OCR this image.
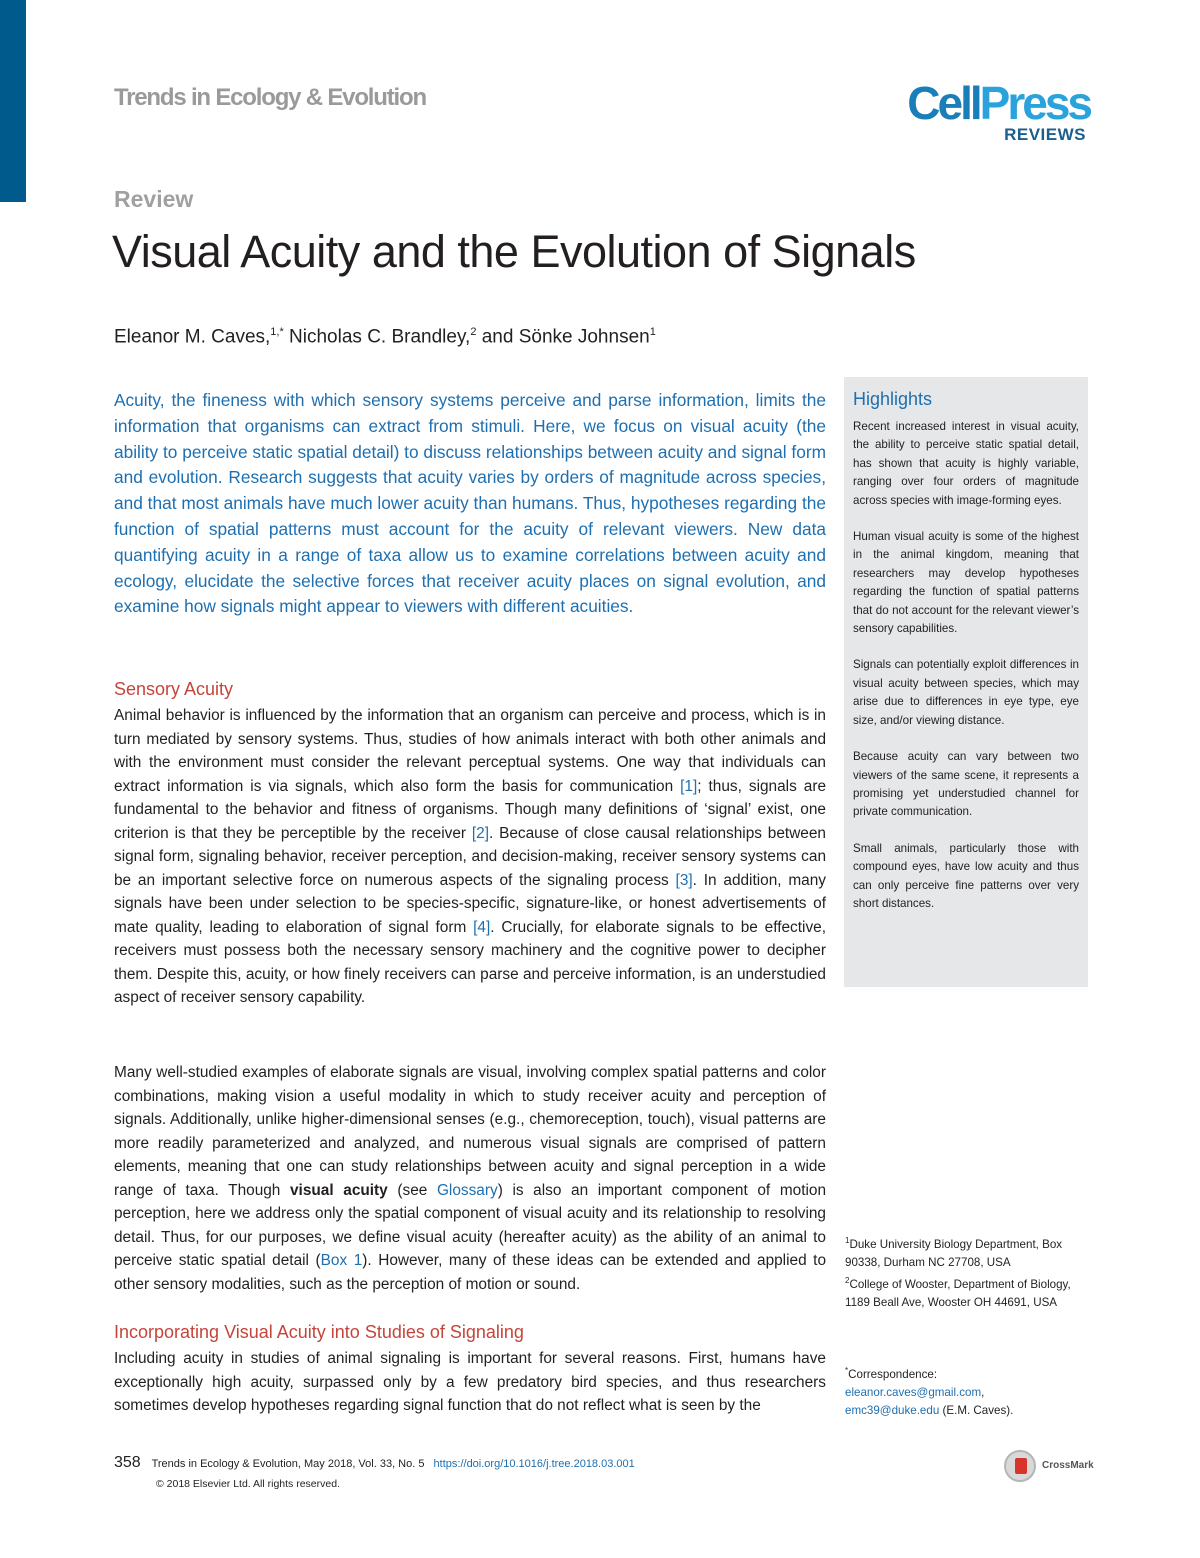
Trends in Ecology & Evolution	CellPress
REVIEWS
Review
Visual Acuity and the Evolution of Signals
Eleanor M. Caves,$^{1,*}$ Nicholas C. Brandley,$^2$ and Sönke Johnsen$^1$
Acuity, the fineness with which sensory systems perceive and parse information, limits the information that organisms can extract from stimuli. Here, we focus on visual acuity (the ability to perceive static spatial detail) to discuss relationships between acuity and signal form and evolution. Research suggests that acuity varies by orders of magnitude across species, and that most animals have much lower acuity than humans. Thus, hypotheses regarding the function of spatial patterns must account for the acuity of relevant viewers. New data quantifying acuity in a range of taxa allow us to examine correlations between acuity and ecology, elucidate the selective forces that receiver acuity places on signal evolution, and examine how signals might appear to viewers with different acuities.
Sensory Acuity
Animal behavior is influenced by the information that an organism can perceive and process, which is in turn mediated by sensory systems. Thus, studies of how animals interact with both other animals and with the environment must consider the relevant perceptual systems. One way that individuals can extract information is via signals, which also form the basis for communication [1]; thus, signals are fundamental to the behavior and fitness of organisms. Though many definitions of ‘signal’ exist, one criterion is that they be perceptible by the receiver [2]. Because of close causal relationships between signal form, signaling behavior, receiver perception, and decision-making, receiver sensory systems can be an important selective force on numerous aspects of the signaling process [3]. In addition, many signals have been under selection to be species-specific, signature-like, or honest advertisements of mate quality, leading to elaboration of signal form [4]. Crucially, for elaborate signals to be effective, receivers must possess both the necessary sensory machinery and the cognitive power to decipher them. Despite this, acuity, or how finely receivers can parse and perceive information, is an understudied aspect of receiver sensory capability.
Many well-studied examples of elaborate signals are visual, involving complex spatial patterns and color combinations, making vision a useful modality in which to study receiver acuity and perception of signals. Additionally, unlike higher-dimensional senses (e.g., chemoreception, touch), visual patterns are more readily parameterized and analyzed, and numerous visual signals are comprised of pattern elements, meaning that one can study relationships between acuity and signal perception in a wide range of taxa. Though visual acuity (see Glossary) is also an important component of motion perception, here we address only the spatial component of visual acuity and its relationship to resolving detail. Thus, for our purposes, we define visual acuity (hereafter acuity) as the ability of an animal to perceive static spatial detail (Box 1). However, many of these ideas can be extended and applied to other sensory modalities, such as the perception of motion or sound.
Incorporating Visual Acuity into Studies of Signaling
Including acuity in studies of animal signaling is important for several reasons. First, humans have exceptionally high acuity, surpassed only by a few predatory bird species, and thus researchers sometimes develop hypotheses regarding signal function that do not reflect what is seen by the
Highlights
Recent increased interest in visual acuity, the ability to perceive static spatial detail, has shown that acuity is highly variable, ranging over four orders of magnitude across species with image-forming eyes.
Human visual acuity is some of the highest in the animal kingdom, meaning that researchers may develop hypotheses regarding the function of spatial patterns that do not account for the relevant viewer’s sensory capabilities.
Signals can potentially exploit differences in visual acuity between species, which may arise due to differences in eye type, eye size, and/or viewing distance.
Because acuity can vary between two viewers of the same scene, it represents a promising yet understudied channel for private communication.
Small animals, particularly those with compound eyes, have low acuity and thus can only perceive fine patterns over very short distances.
$^1$Duke University Biology Department, Box 90338, Durham NC 27708, USA
$^2$College of Wooster, Department of Biology, 1189 Beall Ave, Wooster OH 44691, USA
*Correspondence:
eleanor.caves@gmail.com,
emc39@duke.edu (E.M. Caves).
358 Trends in Ecology & Evolution, May 2018, Vol. 33, No. 5 https://doi.org/10.1016/j.tree.2018.03.001
© 2018 Elsevier Ltd. All rights reserved.
CrossMark
